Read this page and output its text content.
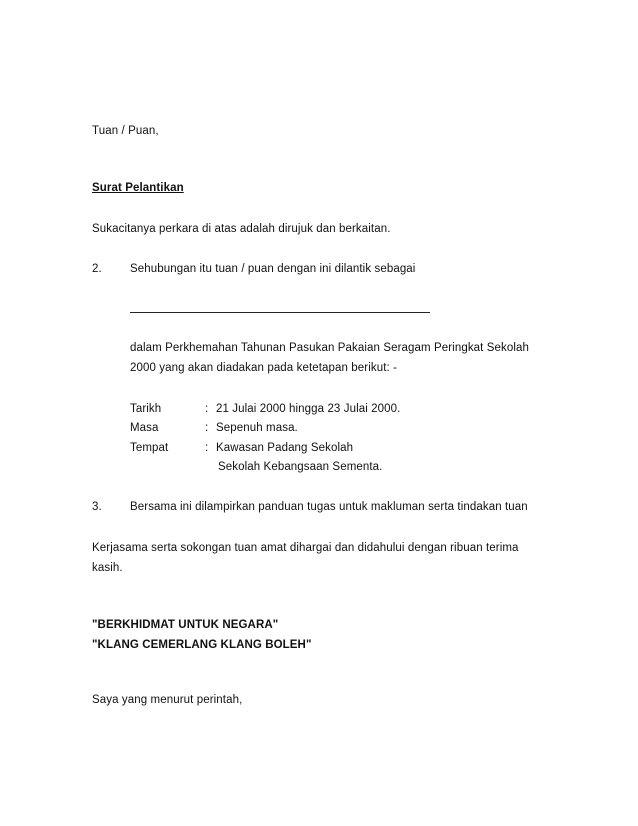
Tuan / Puan,
Surat Pelantikan
Sukacitanya perkara di atas adalah dirujuk dan berkaitan.
2. Sehubungan itu tuan / puan dengan ini dilantik sebagai
dalam Perkhemahan Tahunan Pasukan Pakaian Seragam Peringkat Sekolah
2000 yang akan diadakan pada ketetapan berikut: -
Tarikh	: 21 Julai 2000 hingga 23 Julai 2000.
Masa	: Sepenuh masa.
Tempat	: Kawasan Padang Sekolah
Sekolah Kebangsaan Sementa.
3. Bersama ini dilampirkan panduan tugas untuk makluman serta tindakan tuan
Kerjasama serta sokongan tuan amat dihargai dan didahului dengan ribuan terima
kasih.
"BERKHIDMAT UNTUK NEGARA"
"KLANG CEMERLANG KLANG BOLEH"
Saya yang menurut perintah,
